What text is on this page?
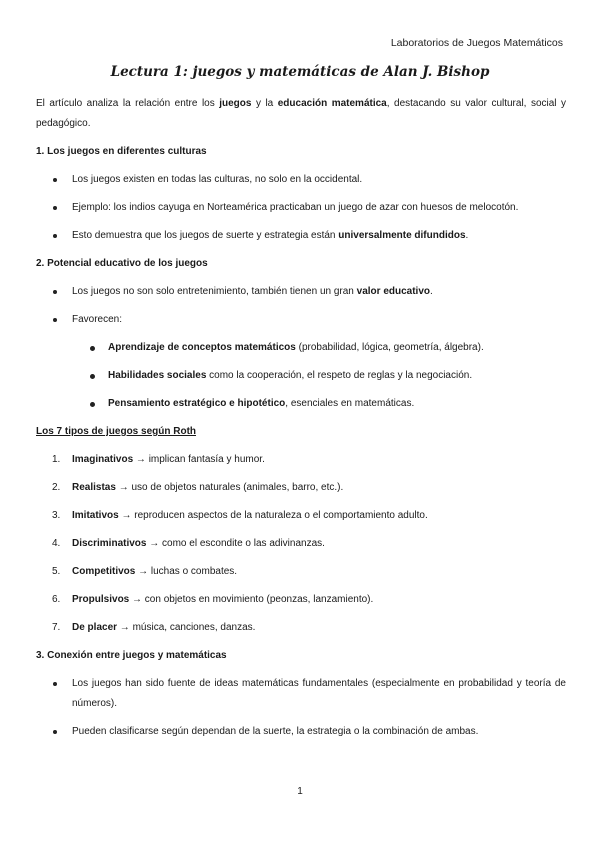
Laboratorios de Juegos Matemáticos
Lectura 1: juegos y matemáticas de Alan J. Bishop

El artículo analiza la relación entre los juegos y la educación matemática, destacando su valor cultural, social y pedagógico.

1. Los juegos en diferentes culturas
Los juegos existen en todas las culturas, no solo en la occidental.
Ejemplo: los indios cayuga en Norteamérica practicaban un juego de azar con huesos de melocotón.
Esto demuestra que los juegos de suerte y estrategia están universalmente difundidos.
2. Potencial educativo de los juegos
Los juegos no son solo entretenimiento, también tienen un gran valor educativo.
Favorecen:
Aprendizaje de conceptos matemáticos (probabilidad, lógica, geometría, álgebra).
Habilidades sociales como la cooperación, el respeto de reglas y la negociación.
Pensamiento estratégico e hipotético, esenciales en matemáticas.
Los 7 tipos de juegos según Roth
1. Imaginativos → implican fantasía y humor.
2. Realistas → uso de objetos naturales (animales, barro, etc.).
3. Imitativos → reproducen aspectos de la naturaleza o el comportamiento adulto.
4. Discriminativos → como el escondite o las adivinanzas.
5. Competitivos → luchas o combates.
6. Propulsivos → con objetos en movimiento (peonzas, lanzamiento).
7. De placer → música, canciones, danzas.
3. Conexión entre juegos y matemáticas
Los juegos han sido fuente de ideas matemáticas fundamentales (especialmente en probabilidad y teoría de números).
Pueden clasificarse según dependan de la suerte, la estrategia o la combinación de ambas.
1
